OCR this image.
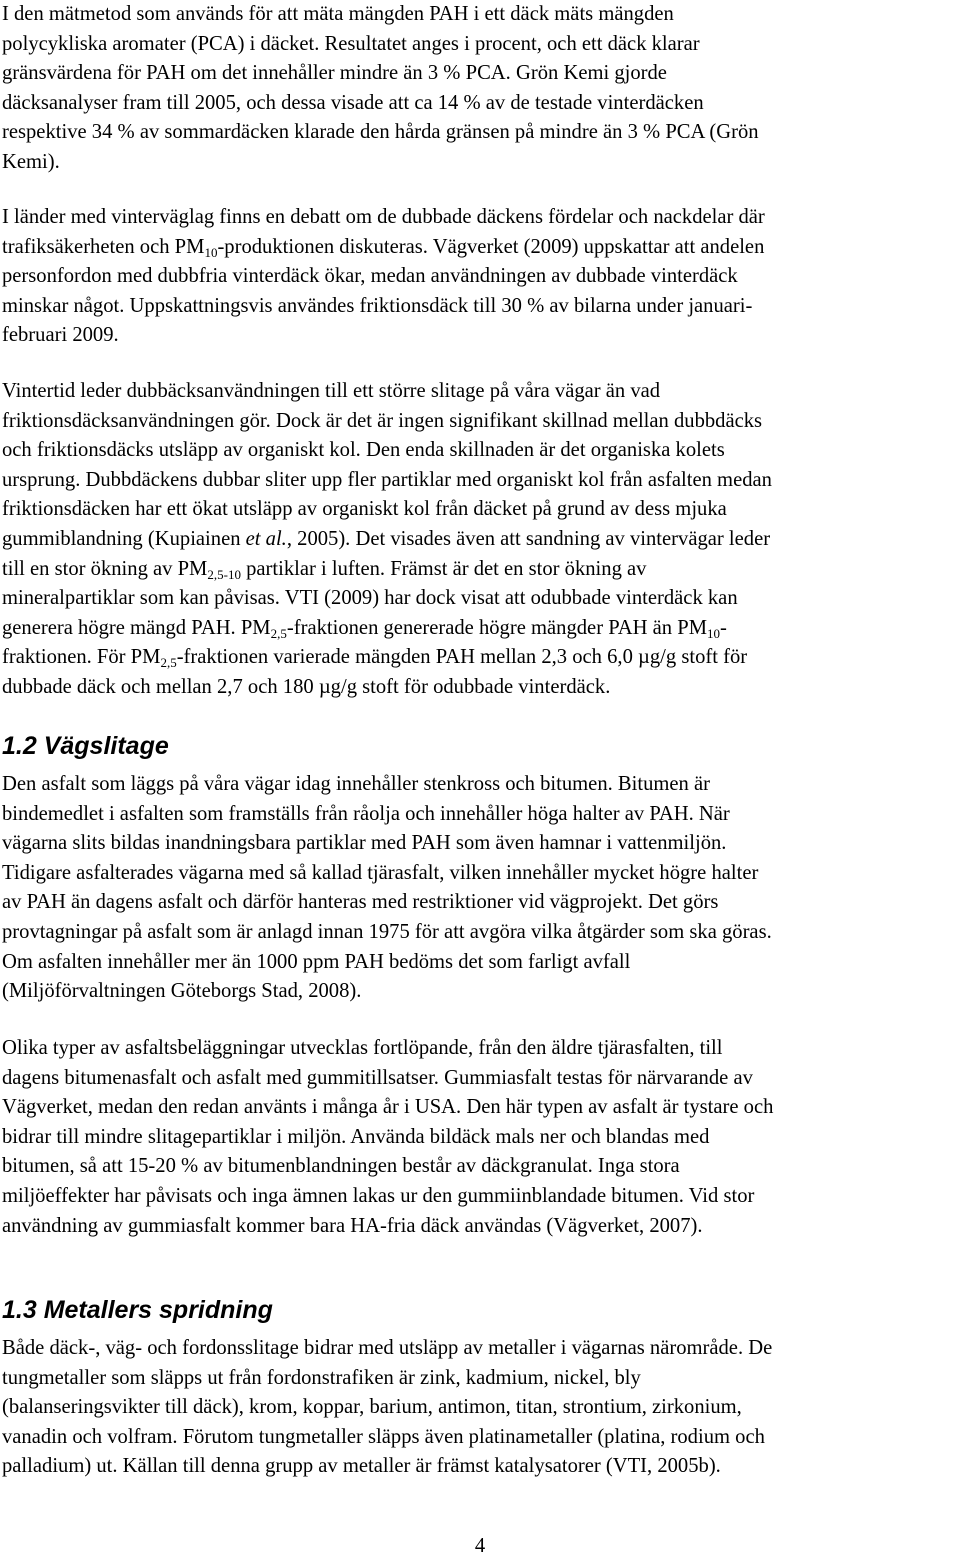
I den mätmetod som används för att mäta mängden PAH i ett däck mäts mängden
polycykliska aromater (PCA) i däcket. Resultatet anges i procent, och ett däck klarar
gränsvärdena för PAH om det innehåller mindre än 3 % PCA. Grön Kemi gjorde
däcksanalyser fram till 2005, och dessa visade att ca 14 % av de testade vinterdäcken
respektive 34 % av sommardäcken klarade den hårda gränsen på mindre än 3 % PCA (Grön
Kemi).

I länder med vinterväglag finns en debatt om de dubbade däckens fördelar och nackdelar där
trafiksäkerheten och $PM_{10}$-produktionen diskuteras. Vägverket (2009) uppskattar att andelen
personfordon med dubbfria vinterdäck ökar, medan användningen av dubbade vinterdäck
minskar något. Uppskattningsvis användes friktionsdäck till 30 % av bilarna under januari-
februari 2009.

Vintertid leder dubbäcksanvändningen till ett större slitage på våra vägar än vad
friktionsdäcksanvändningen gör. Dock är det är ingen signifikant skillnad mellan dubbdäcks
och friktionsdäcks utsläpp av organiskt kol. Den enda skillnaden är det organiska kolets
ursprung. Dubbdäckens dubbar sliter upp fler partiklar med organiskt kol från asfalten medan
friktionsdäcken har ett ökat utsläpp av organiskt kol från däcket på grund av dess mjuka
gummiblandning (Kupiainen et al., 2005). Det visades även att sandning av vintervägar leder
till en stor ökning av $PM_{2,5-10}$ partiklar i luften. Främst är det en stor ökning av
mineralpartiklar som kan påvisas. VTI (2009) har dock visat att odubbade vinterdäck kan
generera högre mängd PAH. $PM_{2,5}$-fraktionen genererade högre mängder PAH än $PM_{10}-$
fraktionen. För $PM_{2,5}$-fraktionen varierade mängden PAH mellan 2,3 och 6,0 µg/g stoft för
dubbade däck och mellan 2,7 och 180 µg/g stoft för odubbade vinterdäck.

1.2 Vägslitage

Den asfalt som läggs på våra vägar idag innehåller stenkross och bitumen. Bitumen är
bindemedlet i asfalten som framställs från råolja och innehåller höga halter av PAH. När
vägarna slits bildas inandningsbara partiklar med PAH som även hamnar i vattenmiljön.
Tidigare asfalterades vägarna med så kallad tjärasfalt, vilken innehåller mycket högre halter
av PAH än dagens asfalt och därför hanteras med restriktioner vid vägprojekt. Det görs
provtagningar på asfalt som är anlagd innan 1975 för att avgöra vilka åtgärder som ska göras.
Om asfalten innehåller mer än 1000 ppm PAH bedöms det som farligt avfall
(Miljöförvaltningen Göteborgs Stad, 2008).

Olika typer av asfaltsbeläggningar utvecklas fortlöpande, från den äldre tjärasfalten, till
dagens bitumenasfalt och asfalt med gummitillsatser. Gummiasfalt testas för närvarande av
Vägverket, medan den redan använts i många år i USA. Den här typen av asfalt är tystare och
bidrar till mindre slitagepartiklar i miljön. Använda bildäck mals ner och blandas med
bitumen, så att 15-20 % av bitumenblandningen består av däckgranulat. Inga stora
miljöeffekter har påvisats och inga ämnen lakas ur den gummiinblandade bitumen. Vid stor
användning av gummiasfalt kommer bara HA-fria däck användas (Vägverket, 2007).

1.3 Metallers spridning

Både däck-, väg- och fordonsslitage bidrar med utsläpp av metaller i vägarnas närområde. De
tungmetaller som släpps ut från fordonstrafiken är zink, kadmium, nickel, bly
(balanseringsvikter till däck), krom, koppar, barium, antimon, titan, strontium, zirkonium,
vanadin och volfram. Förutom tungmetaller släpps även platinametaller (platina, rodium och
palladium) ut. Källan till denna grupp av metaller är främst katalysatorer (VTI, 2005b).

4
